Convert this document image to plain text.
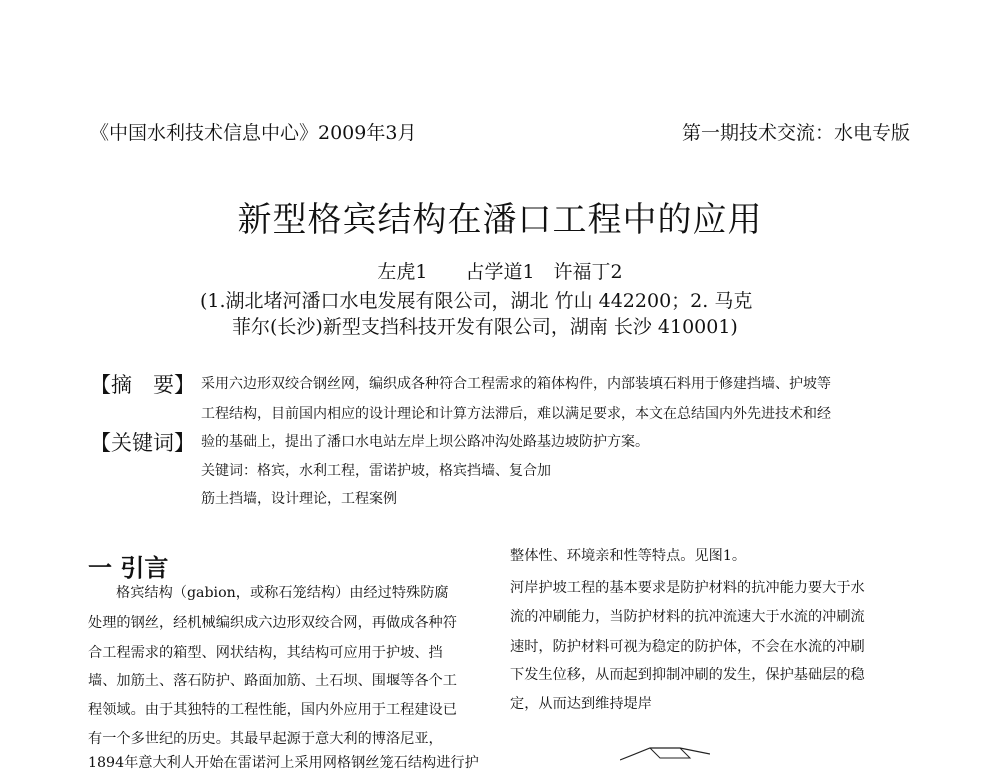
《中国水利技术信息中心》2009年3月	第一期技术交流：水电专版
新型格宾结构在潘口工程中的应用
左虎1　　占学道1　许福丁2
(1.湖北堵河潘口水电发展有限公司，湖北 竹山 442200；2. 马克
菲尔(长沙)新型支挡科技开发有限公司，湖南 长沙 410001)
【摘　要】
【关键词】
采用六边形双绞合钢丝网，编织成各种符合工程需求的箱体构件，内部装填石料用于修建挡墙、护坡等
工程结构，目前国内相应的设计理论和计算方法滞后，难以满足要求，本文在总结国内外先进技术和经
验的基础上，提出了潘口水电站左岸上坝公路冲沟处路基边坡防护方案。
关键词：格宾，水利工程，雷诺护坡，格宾挡墙、复合加
筋土挡墙，设计理论，工程案例
一 引言
格宾结构（gabion，或称石笼结构）由经过特殊防腐
处理的钢丝，经机械编织成六边形双绞合网，再做成各种符
合工程需求的箱型、网状结构，其结构可应用于护坡、挡
墙、加筋土、落石防护、路面加筋、土石坝、围堰等各个工
程领域。由于其独特的工程性能，国内外应用于工程建设已
有一个多世纪的历史。其最早起源于意大利的博洛尼亚，
1894年意大利人开始在雷诺河上采用网格钢丝笼石结构进行护
整体性、环境亲和性等特点。见图1。
河岸护坡工程的基本要求是防护材料的抗冲能力要大于水
流的冲刷能力，当防护材料的抗冲流速大于水流的冲刷流
速时，防护材料可视为稳定的防护体，不会在水流的冲刷
下发生位移，从而起到抑制冲刷的发生，保护基础层的稳
定，从而达到维持堤岸
